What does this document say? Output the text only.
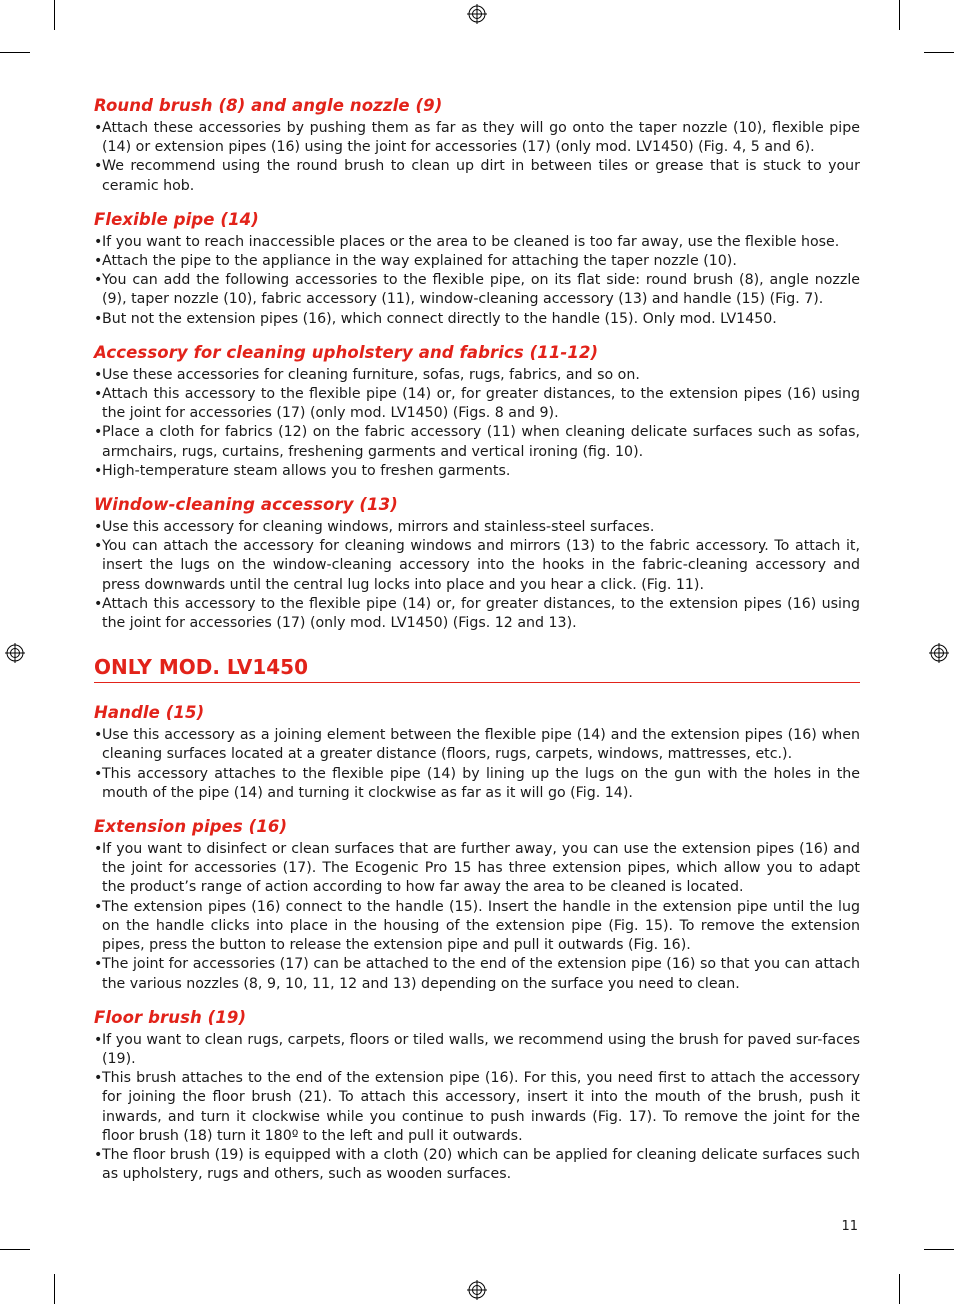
Round brush (8) and angle nozzle (9)
• Attach these accessories by pushing them as far as they will go onto the taper nozzle (10), flexible pipe (14) or extension pipes (16) using the joint for accessories (17) (only mod. LV1450) (Fig. 4, 5 and 6).
• We recommend using the round brush to clean up dirt in between tiles or grease that is stuck to your ceramic hob.
Flexible pipe (14)
• If you want to reach inaccessible places or the area to be cleaned is too far away, use the flexible hose.
• Attach the pipe to the appliance in the way explained for attaching the taper nozzle (10).
• You can add the following accessories to the flexible pipe, on its flat side: round brush (8), angle nozzle (9), taper nozzle (10), fabric accessory (11), window-cleaning accessory (13) and handle (15) (Fig. 7).
• But not the extension pipes (16), which connect directly to the handle (15). Only mod. LV1450.
Accessory for cleaning upholstery and fabrics (11-12)
• Use these accessories for cleaning furniture, sofas, rugs, fabrics, and so on.
• Attach this accessory to the flexible pipe (14) or, for greater distances, to the extension pipes (16) using the joint for accessories (17) (only mod. LV1450) (Figs. 8 and 9).
• Place a cloth for fabrics (12) on the fabric accessory (11) when cleaning delicate surfaces such as sofas, armchairs, rugs, curtains, freshening garments and vertical ironing (fig. 10).
• High-temperature steam allows you to freshen garments.
Window-cleaning accessory (13)
• Use this accessory for cleaning windows, mirrors and stainless-steel surfaces.
• You can attach the accessory for cleaning windows and mirrors (13) to the fabric accessory. To attach it, insert the lugs on the window-cleaning accessory into the hooks in the fabric-cleaning accessory and press downwards until the central lug locks into place and you hear a click. (Fig. 11).
• Attach this accessory to the flexible pipe (14) or, for greater distances, to the extension pipes (16) using the joint for accessories (17) (only mod. LV1450) (Figs. 12 and 13).
ONLY MOD. LV1450
Handle (15)
• Use this accessory as a joining element between the flexible pipe (14) and the extension pipes (16) when cleaning surfaces located at a greater distance (floors, rugs, carpets, windows, mattresses, etc.).
• This accessory attaches to the flexible pipe (14) by lining up the lugs on the gun with the holes in the mouth of the pipe (14) and turning it clockwise as far as it will go (Fig. 14).
Extension pipes (16)
• If you want to disinfect or clean surfaces that are further away, you can use the extension pipes (16) and the joint for accessories (17). The Ecogenic Pro 15 has three extension pipes, which allow you to adapt the product’s range of action according to how far away the area to be cleaned is located.
• The extension pipes (16) connect to the handle (15). Insert the handle in the extension pipe until the lug on the handle clicks into place in the housing of the extension pipe (Fig. 15). To remove the extension pipes, press the button to release the extension pipe and pull it outwards (Fig. 16).
• The joint for accessories (17) can be attached to the end of the extension pipe (16) so that you can attach the various nozzles (8, 9, 10, 11, 12 and 13) depending on the surface you need to clean.
Floor brush (19)
• If you want to clean rugs, carpets, floors or tiled walls, we recommend using the brush for paved sur-faces (19).
• This brush attaches to the end of the extension pipe (16). For this, you need first to attach the accessory for joining the floor brush (21). To attach this accessory, insert it into the mouth of the brush, push it inwards, and turn it clockwise while you continue to push inwards (Fig. 17). To remove the joint for the floor brush (18) turn it 180º to the left and pull it outwards.
• The floor brush (19) is equipped with a cloth (20) which can be applied for cleaning delicate surfaces such as upholstery, rugs and others, such as wooden surfaces.
11
